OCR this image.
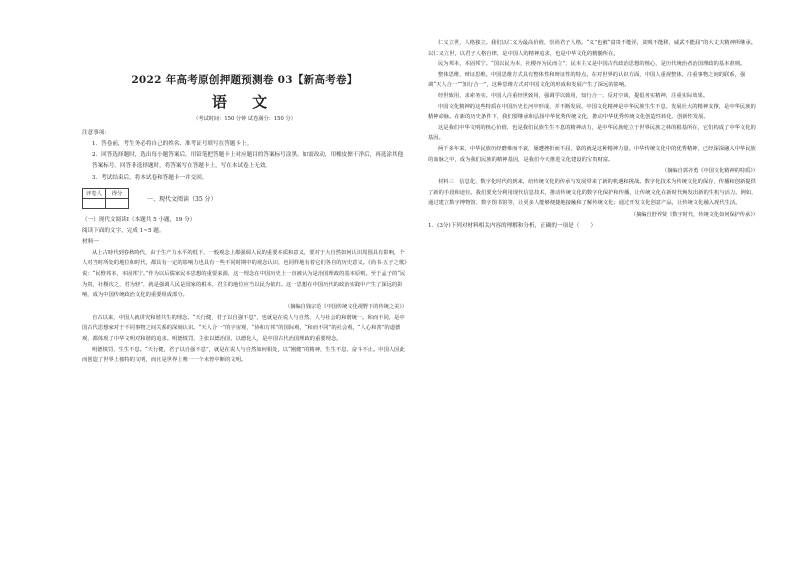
2022 年高考原创押题预测卷 03【新高考卷】
语 文
（考试时间：150 分钟 试卷满分：150 分）
注意事项：
1．答卷前，考生务必将自己的姓名、准考证号填写在答题卡上。
2．回答选择题时，选出每小题答案后，用铅笔把答题卡上对应题目的答案标号涂黑。如需改动，用橡皮擦干净后，再选涂其他答案标号。回答非选择题时，将答案写在答题卡上，写在本试卷上无效。
3．考试结束后，将本试卷和答题卡一并交回。
评卷人	得分

一、现代文阅读（35 分）
（一）现代文阅读Ⅰ（本题共 5 小题，19 分）
阅读下面的文字，完成 1~5 题。
材料一

从上古時代到春秋時代，由于生产力水平的低下，一般观念上都强调人民的重要本质和意义，要对于大自然如何认识周围具有影响，个人对当时所处的地位和时代，都具有一定的影响力也具有一些不同时期中的观念认识，也同样地有着它们各自的历史意义。《尚书·五子之歌》说：“民惟邦本，本固邦宁。”作为以后儒家民本思想的重要来源，这一理念在中国历史上一直被认为是治国理政的基本原则。至于孟子的“民为贵，社稷次之，君为轻”，就是强调人民是国家的根本，君主的地位应当以民为依归。这一思想在中国历代的政治实践中产生了深远的影响，成为中国传统政治文化的重要组成部分。

（摘编自钱宗范《中国传统文化视野下的传统之美》）

自古以来，中国人就讲究和谐共生的理念。“天行健，君子以自强不息”，也就是在说人与自然、人与社会的和谐统一。和而不同，是中国古代思想家对于不同事物之间关系的深刻认识。“天人合一”的宇宙观，“协和万邦”的国际观，“和而不同”的社会观，“人心和善”的道德观，都体现了中华文明对和谐的追求。明德慎罚，主张以德治国，以德化人，是中国古代治国理政的重要理念。

明德慎罚，生生不息。“天行健，君子以自强不息”，就是在说人与自然如何相处，以“刚健”的精神，生生不息，奋斗不止。中国人因此而创造了世界上独特的文明，而且是世界上唯一一个未曾中断的文明。

仁义立世，人格独立。我们以仁义为最高价值，崇尚君子人格。“义”也被“富贵不能淫，贫贱不能移，威武不能屈”的大丈夫精神所继承。以仁义立世，以君子人格自律，是中国人的精神追求，也是中华文化的精髓所在。

民为邦本，本固邦宁。“国以民为本，社稷亦为民而立”，民本主义是中国古代政治思想的核心，是历代统治者治国理政的基本准则。

整体思维，辩证思维。中国思维方式具有整体性和辩证性的特点。在对世界的认识方面，中国人重视整体，注重事物之间的联系，强调“天人合一”“知行合一”，这种思维方式对中国文化的形成和发展产生了深远的影响。

经世致用，求索务实。中国人注重经世致用，强调学以致用，知行合一，反对空谈，提倡务实精神，注重实际效果。

中国文化精神的这些特质在中国历史长河中形成，并不断发展。中国文化精神是中华民族生生不息、发展壮大的精神支撑，是中华民族的精神命脉。在新的历史条件下，我们要继承和弘扬中华优秀传统文化，推动中华优秀传统文化创造性转化、创新性发展。

这是我们中华文明的核心价值，也是我们民族生生不息的精神动力，是中华民族屹立于世界民族之林的根基所在，它们构成了中华文化的基因。

两千多年来，中华民族历经磨难而不衰，屡遭挫折而不屈，靠的就是这种精神力量。中华传统文化中的优秀精神，已经深深融入中华民族的血脉之中，成为我们民族的精神基因，是我们今天推进文化建设的宝贵财富。

（摘编自郭齐勇《中国文化精神的特质》）

材料三　 信息化、数字化时代的到来，给传统文化的传承与发展带来了新的机遇和挑战。数字化技术为传统文化的保存、传播和创新提供了新的手段和途径。我们要充分利用现代信息技术，推动传统文化的数字化保护和传播，让传统文化在新时代焕发出新的生机与活力。例如，通过建立数字博物馆、数字图书馆等，让更多人能够便捷地接触和了解传统文化；通过开发文化创意产品，让传统文化融入现代生活。

（摘编自舒养贤《数字时代，传统文化如何保护传承》）
1．(3分)下列对材料相关内容的理解和分析，正确的一项是（　　）
